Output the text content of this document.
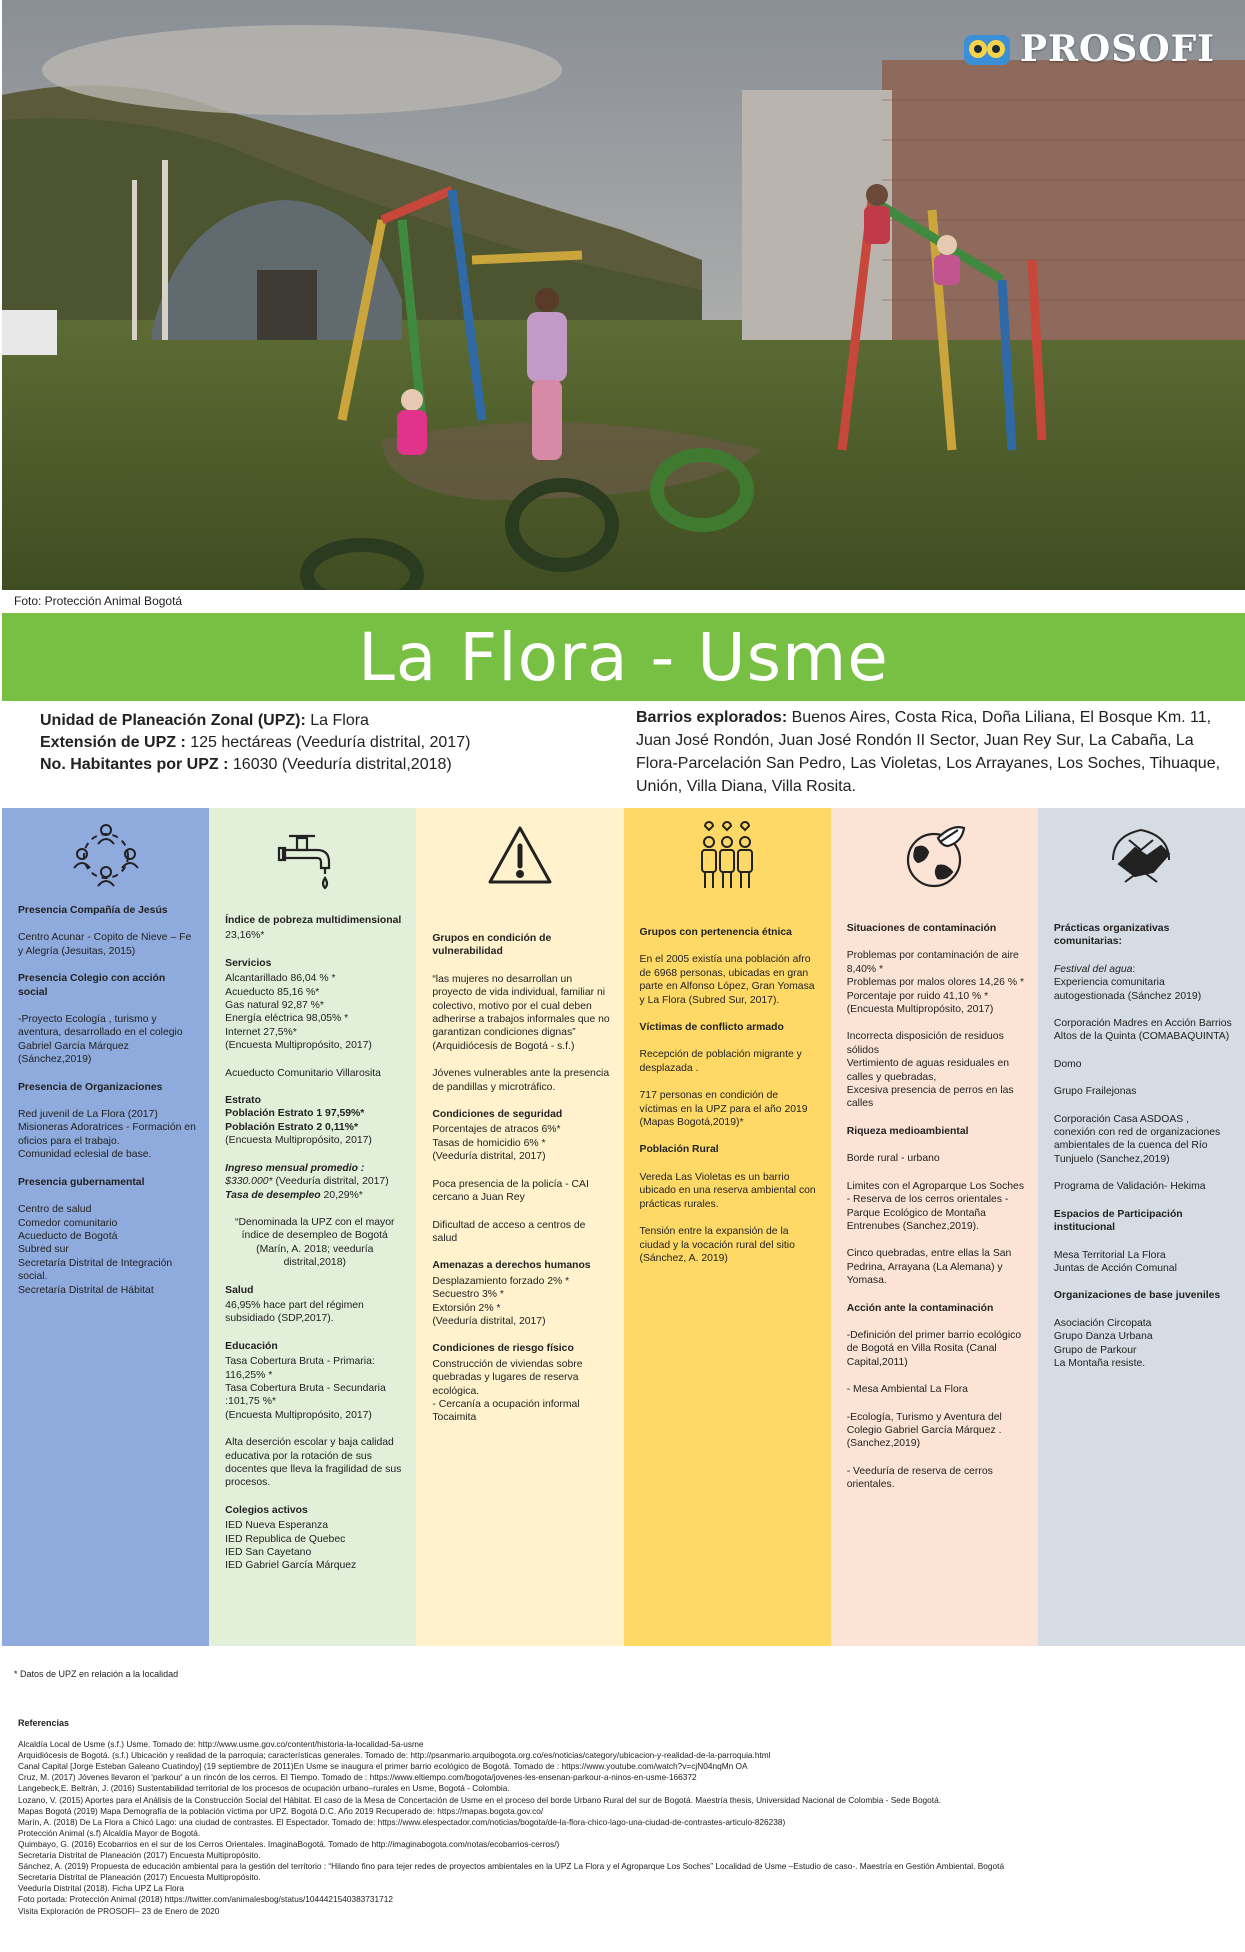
PROSOFI
Foto: Protección Animal Bogotá
La Flora - Usme
Unidad de Planeación Zonal (UPZ): La Flora
Extensión de UPZ : 125 hectáreas (Veeduría distrital, 2017)
No. Habitantes por UPZ : 16030 (Veeduría distrital,2018)
Barrios explorados: Buenos Aires, Costa Rica, Doña Liliana, El Bosque Km. 11, Juan José Rondón, Juan José Rondón II Sector, Juan Rey Sur, La Cabaña, La Flora-Parcelación San Pedro, Las Violetas, Los Arrayanes, Los Soches, Tihuaque, Unión, Villa Diana, Villa Rosita.
Presencia Compañía de Jesús

Centro Acunar - Copito de Nieve – Fe y Alegría (Jesuitas, 2015)

Presencia Colegio con acción social

-Proyecto Ecología , turismo y aventura, desarrollado en el colegio Gabriel García Márquez (Sánchez,2019)

Presencia de Organizaciones

Red juvenil de La Flora (2017)
Misioneras Adoratrices - Formación en oficios para el trabajo.
Comunidad eclesial de base.

Presencia gubernamental

Centro de salud
Comedor comunitario
Acueducto de Bogotá
Subred sur
Secretaría Distrital de Integración social.
Secretaría Distrital de Hábitat

Índice de pobreza multidimensional

23,16%*

Servicios

Alcantarillado 86,04 % *
Acueducto 85,16 %*
Gas natural 92,87 %*
Energía eléctrica 98,05% *
Internet 27,5%*
(Encuesta Multipropósito, 2017)

Acueducto Comunitario Villarosita

Estrato
Población Estrato 1 97,59%*
Población Estrato 2 0,11%*

(Encuesta Multipropósito, 2017)

Ingreso mensual promedio :
$330.000* (Veeduría distrital, 2017)
Tasa de desempleo 20,29%*

“Denominada la UPZ con el mayor índice de desempleo de Bogotá (Marín, A. 2018; veeduría distrital,2018)

Salud

46,95% hace part del régimen subsidiado (SDP,2017).

Educación

Tasa Cobertura Bruta - Primaria: 116,25% *
Tasa Cobertura Bruta - Secundaria :101,75 %*
(Encuesta Multipropósito, 2017)

Alta deserción escolar y baja calidad educativa por la rotación de sus docentes que lleva la fragilidad de sus procesos.

Colegios activos

IED Nueva Esperanza
IED Republica de Quebec
IED San Cayetano
IED Gabriel García Márquez

Grupos en condición de vulnerabilidad

“las mujeres no desarrollan un proyecto de vida individual, familiar ni colectivo, motivo por el cual deben adherirse a trabajos informales que no garantizan condiciones dignas” (Arquidiócesis de Bogotá - s.f.)

Jóvenes vulnerables ante la presencia de pandillas y microtráfico.

Condiciones de seguridad

Porcentajes de atracos 6%*
Tasas de homicidio 6% *
(Veeduría distrital, 2017)

Poca presencia de la policía - CAI cercano a Juan Rey

Dificultad de acceso a centros de salud

Amenazas a derechos humanos

Desplazamiento forzado 2% *
Secuestro 3% *
Extorsión 2% *
(Veeduría distrital, 2017)

Condiciones de riesgo físico

Construcción de viviendas sobre quebradas y lugares de reserva ecológica.
- Cercanía a ocupación informal Tocaimita

Grupos con pertenencia étnica

En el 2005 existía una población afro de 6968 personas, ubicadas en gran parte en Alfonso López, Gran Yomasa y La Flora (Subred Sur, 2017).

Víctimas de conflicto armado

Recepción de población migrante y desplazada .

717 personas en condición de víctimas en la UPZ para el año 2019 (Mapas Bogotá,2019)*

Población Rural

Vereda Las Violetas es un barrio ubicado en una reserva ambiental con prácticas rurales.

Tensión entre la expansión de la ciudad y la vocación rural del sitio (Sánchez, A. 2019)

Situaciones de contaminación

Problemas por contaminación de aire 8,40% *
Problemas por malos olores 14,26 % *
Porcentaje por ruido 41,10 % *
(Encuesta Multipropósito, 2017)

Incorrecta disposición de residuos sólidos
Vertimiento de aguas residuales en calles y quebradas,
Excesiva presencia de perros en las calles

Riqueza medioambiental

Borde rural - urbano

Limites con el Agroparque Los Soches - Reserva de los cerros orientales - Parque Ecológico de Montaña Entrenubes (Sanchez,2019).

Cinco quebradas, entre ellas la San Pedrina, Arrayana (La Alemana) y Yomasa.

Acción ante la contaminación

-Definición del primer barrio ecológico de Bogotá en Villa Rosita (Canal Capital,2011)

- Mesa Ambiental La Flora

-Ecología, Turismo y Aventura del Colegio Gabriel García Márquez .(Sanchez,2019)

- Veeduría de reserva de cerros orientales.

Prácticas organizativas comunitarias:

Festival del agua:
Experiencia comunitaria autogestionada (Sánchez 2019)

Corporación Madres en Acción Barrios Altos de la Quinta (COMABAQUINTA)

Domo

Grupo Frailejonas

Corporación Casa ASDOAS , conexión con red de organizaciones ambientales de la cuenca del Río Tunjuelo (Sanchez,2019)

Programa de Validación- Hekima

Espacios de Participación institucional

Mesa Territorial La Flora
Juntas de Acción Comunal

Organizaciones de base juveniles

Asociación Circopata
Grupo Danza Urbana
Grupo de Parkour
La Montaña resiste.

* Datos de UPZ en relación a la localidad
Referencias
Alcaldía Local de Usme (s.f.) Usme. Tomado de: http://www.usme.gov.co/content/historia-la-localidad-5a-usme
Arquidiócesis de Bogotá. (s.f.) Ubicación y realidad de la parroquia; características generales. Tomado de: http://psanmario.arquibogota.org.co/es/noticias/category/ubicacion-y-realidad-de-la-parroquia.html
Canal Capital [Jorge Esteban Galeano Cuatindoy] (19 septiembre de 2011)En Usme se inaugura el primer barrio ecológico de Bogotá. Tomado de : https://www.youtube.com/watch?v=cjN04nqMn OA
Cruz, M. (2017) Jóvenes llevaron el 'parkour' a un rincón de los cerros. El Tiempo. Tomado de : https://www.eltiempo.com/bogota/jovenes-les-ensenan-parkour-a-ninos-en-usme-166372
Langebeck,E. Beltrán, J. (2016) Sustentabilidad territorial de los procesos de ocupación urbano–rurales en Usme, Bogotá - Colombia.
Lozano, V. (2015) Aportes para el Análisis de la Construcción Social del Hábitat. El caso de la Mesa de Concertación de Usme en el proceso del borde Urbano Rural del sur de Bogotá. Maestría thesis, Universidad Nacional de Colombia - Sede Bogotá.
Mapas Bogotá (2019) Mapa Demografía de la población víctima por UPZ. Bogotá D.C. Año 2019 Recuperado de: https://mapas.bogota.gov.co/
Marín, A. (2018) De La Flora a Chicó Lago: una ciudad de contrastes. El Espectador. Tomado de: https://www.elespectador.com/noticias/bogota/de-la-flora-chico-lago-una-ciudad-de-contrastes-articulo-826238)
Protección Animal (s.f) Alcaldía Mayor de Bogotá.
Quimbayo, G. (2016) Ecobarrios en el sur de los Cerros Orientales. ImaginaBogotá. Tomado de http://imaginabogota.com/notas/ecobarrios-cerros/)
Secretaría Distrital de Planeación (2017) Encuesta Multipropósito.
Sánchez, A. (2019) Propuesta de educación ambiental para la gestión del territorio : “Hilando fino para tejer redes de proyectos ambientales en la UPZ La Flora y el Agroparque Los Soches” Localidad de Usme –Estudio de caso-. Maestría en Gestión Ambiental. Bogotá
Secretaría Distrital de Planeación (2017) Encuesta Multipropósito.
Veeduría Distrital (2018). Ficha UPZ La Flora
Foto portada: Protección Animal (2018) https://twitter.com/animalesbog/status/1044421540383731712
Visita Exploración de PROSOFI– 23 de Enero de 2020
